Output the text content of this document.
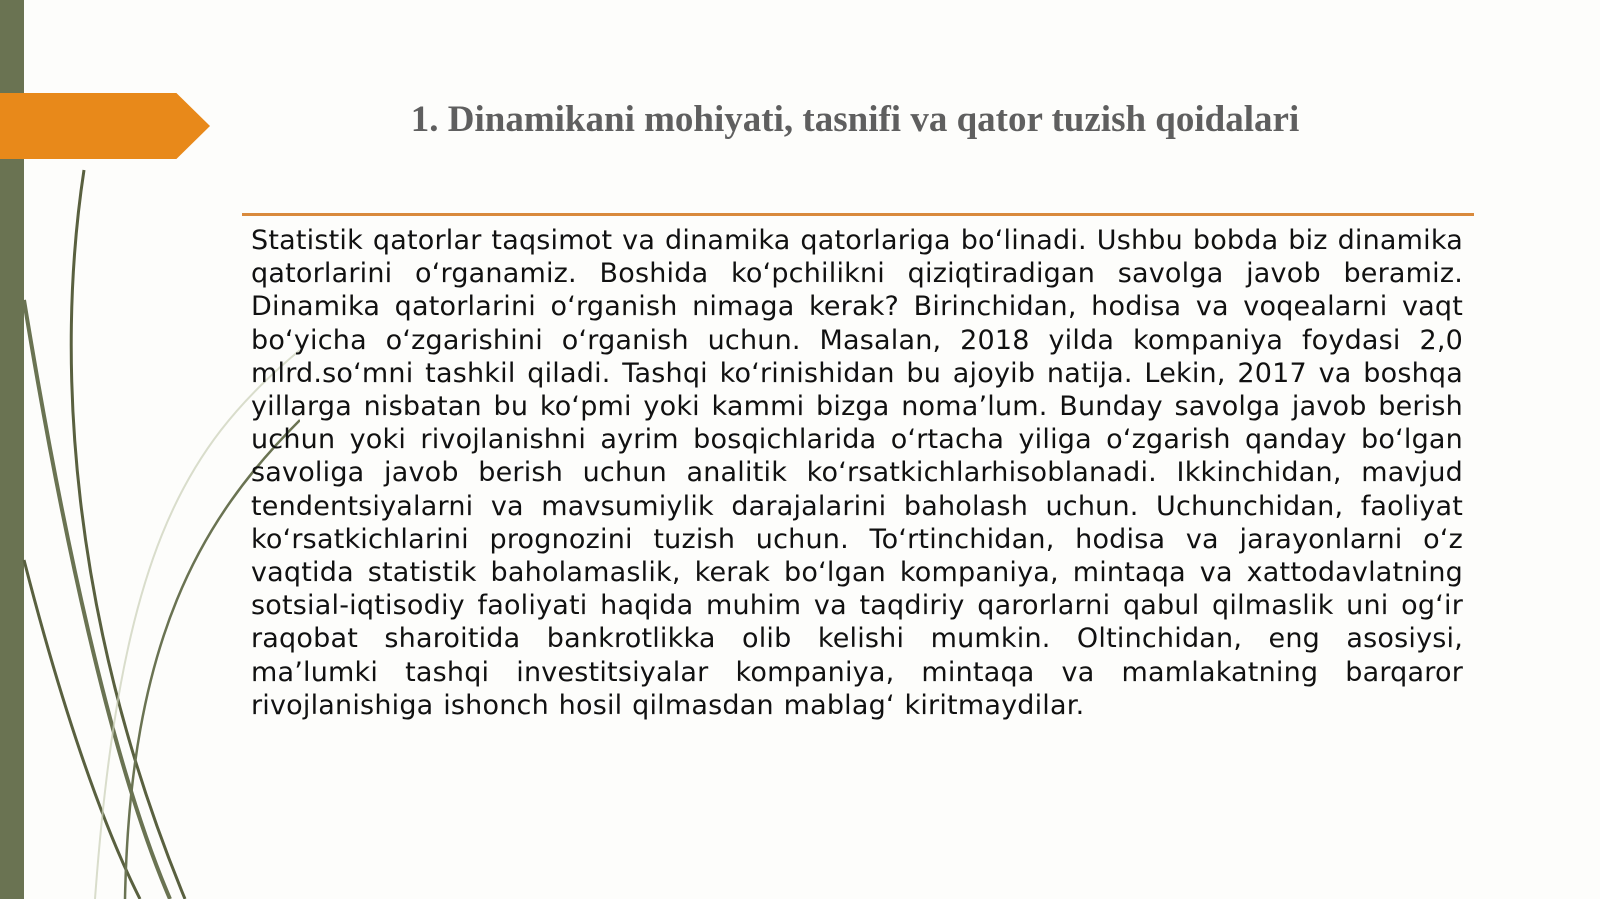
1. Dinamikani mohiyati, tasnifi va qator tuzish qoidalari

Statistik qatorlar taqsimot va dinamika qatorlariga bo‘linadi. Ushbu bobda biz dinamika qatorlarini o‘rganamiz. Boshida ko‘pchilikni qiziqtiradigan savolga javob beramiz. Dinamika qatorlarini o‘rganish nimaga kerak? Birinchidan, hodisa va voqealarni vaqt bo‘yicha o‘zgarishini o‘rganish uchun. Masalan, 2018 yilda kompaniya foydasi 2,0 mlrd.so‘mni tashkil qiladi. Tashqi ko‘rinishidan bu ajoyib natija. Lekin, 2017 va boshqa yillarga nisbatan bu ko‘pmi yoki kammi bizga noma’lum. Bunday savolga javob berish uchun yoki rivojlanishni ayrim bosqichlarida o‘rtacha yiliga o‘zgarish qanday bo‘lgan savoliga javob berish uchun analitik ko‘rsatkichlarhisoblanadi. Ikkinchidan, mavjud tendentsiyalarni va mavsumiylik darajalarini baholash uchun. Uchunchidan, faoliyat ko‘rsatkichlarini prognozini tuzish uchun. To‘rtinchidan, hodisa va jarayonlarni o‘z vaqtida statistik baholamaslik, kerak bo‘lgan kompaniya, mintaqa va xattodavlatning sotsial-iqtisodiy faoliyati haqida muhim va taqdiriy qarorlarni qabul qilmaslik uni og‘ir raqobat sharoitida bankrotlikka olib kelishi mumkin. Oltinchidan, eng asosiysi, ma’lumki tashqi investitsiyalar kompaniya, mintaqa va mamlakatning barqaror rivojlanishiga ishonch hosil qilmasdan mablag‘ kiritmaydilar.
